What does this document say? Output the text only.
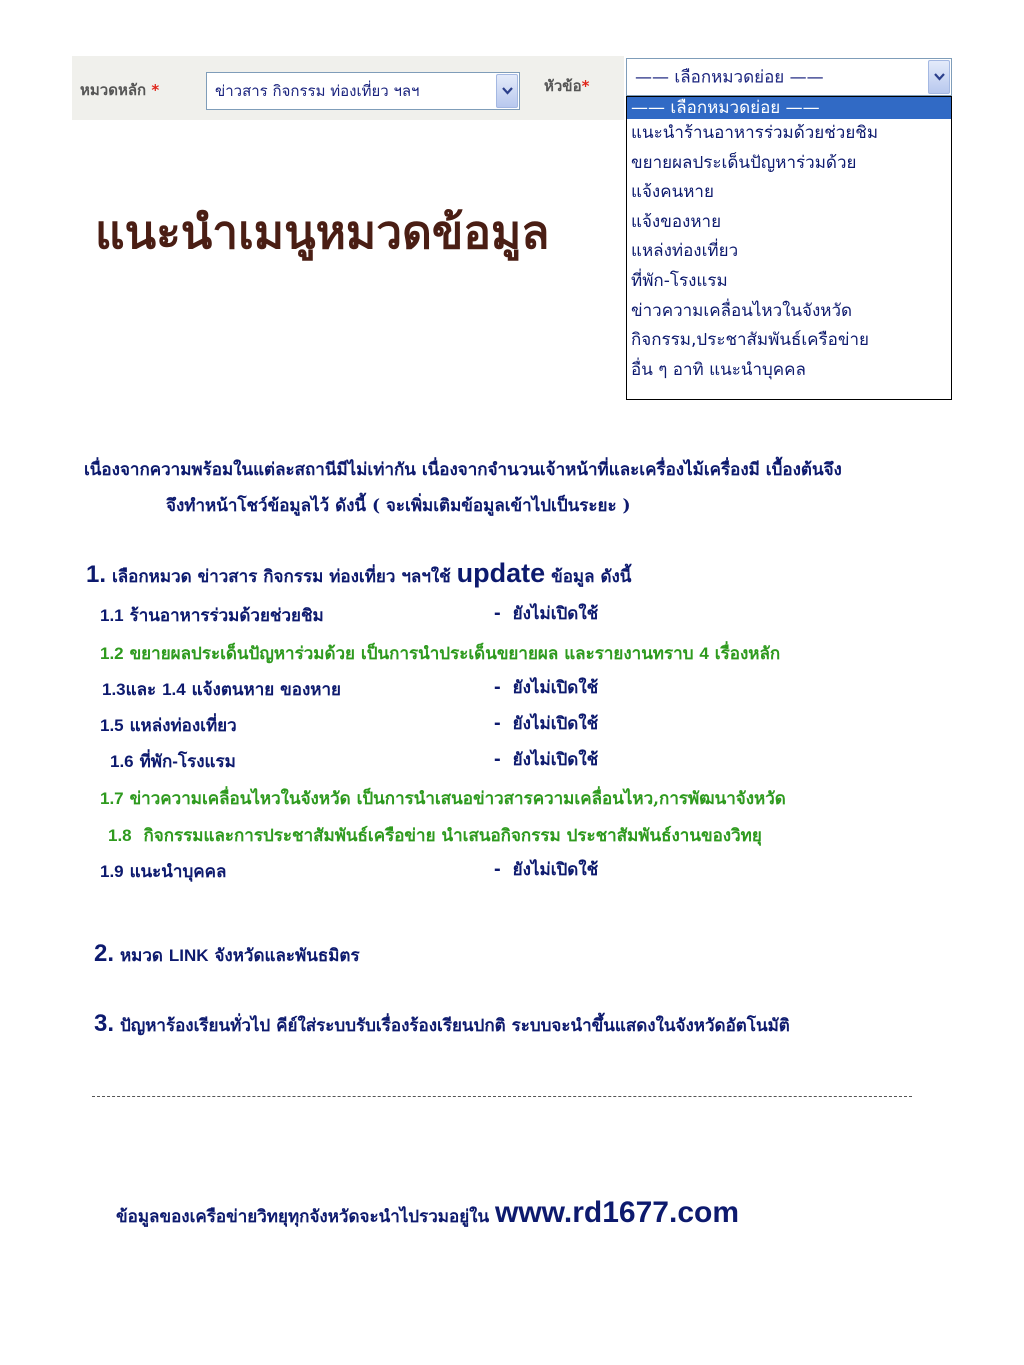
หมวดหลัก *	ข่าวสาร กิจกรรม ท่องเที่ยว ฯลฯ	หัวข้อ*	—— เลือกหมวดย่อย ——
—— เลือกหมวดย่อย ——
แนะนำร้านอาหารร่วมด้วยช่วยชิม
ขยายผลประเด็นปัญหาร่วมด้วย
แจ้งคนหาย
แจ้งของหาย
แหล่งท่องเที่ยว
ที่พัก-โรงแรม
ข่าวความเคลื่อนไหวในจังหวัด
กิจกรรม,ประชาสัมพันธ์เครือข่าย
อื่น ๆ อาทิ แนะนำบุคคล
แนะนำเมนูหมวดข้อมูล
เนื่องจากความพร้อมในแต่ละสถานีมีไม่เท่ากัน เนื่องจากจำนวนเจ้าหน้าที่และเครื่องไม้เครื่องมี เบื้องต้นจึง
จึงทำหน้าโชว์ข้อมูลไว้ ดังนี้ ( จะเพิ่มเติมข้อมูลเข้าไปเป็นระยะ )
1. เลือกหมวด ข่าวสาร กิจกรรม ท่องเที่ยว ฯลฯใช้ update ข้อมูล ดังนี้
1.1 ร้านอาหารร่วมด้วยช่วยชิม	- ยังไม่เปิดใช้
1.2 ขยายผลประเด็นปัญหาร่วมด้วย เป็นการนำประเด็นขยายผล และรายงานทราบ 4 เรื่องหลัก
1.3และ 1.4 แจ้งตนหาย ของหาย	- ยังไม่เปิดใช้
1.5 แหล่งท่องเที่ยว	- ยังไม่เปิดใช้
1.6 ที่พัก-โรงแรม	- ยังไม่เปิดใช้
1.7 ข่าวความเคลื่อนไหวในจังหวัด เป็นการนำเสนอข่าวสารความเคลื่อนไหว,การพัฒนาจังหวัด
1.8 กิจกรรมและการประชาสัมพันธ์เครือข่าย นำเสนอกิจกรรม ประชาสัมพันธ์งานของวิทยุ
1.9 แนะนำบุคคล	- ยังไม่เปิดใช้
2. หมวด LINK จังหวัดและพันธมิตร
3. ปัญหาร้องเรียนทั่วไป คีย์ใส่ระบบรับเรื่องร้องเรียนปกติ ระบบจะนำขึ้นแสดงในจังหวัดอัตโนมัติ
ข้อมูลของเครือข่ายวิทยุทุกจังหวัดจะนำไปรวมอยู่ใน www.rd1677.com
